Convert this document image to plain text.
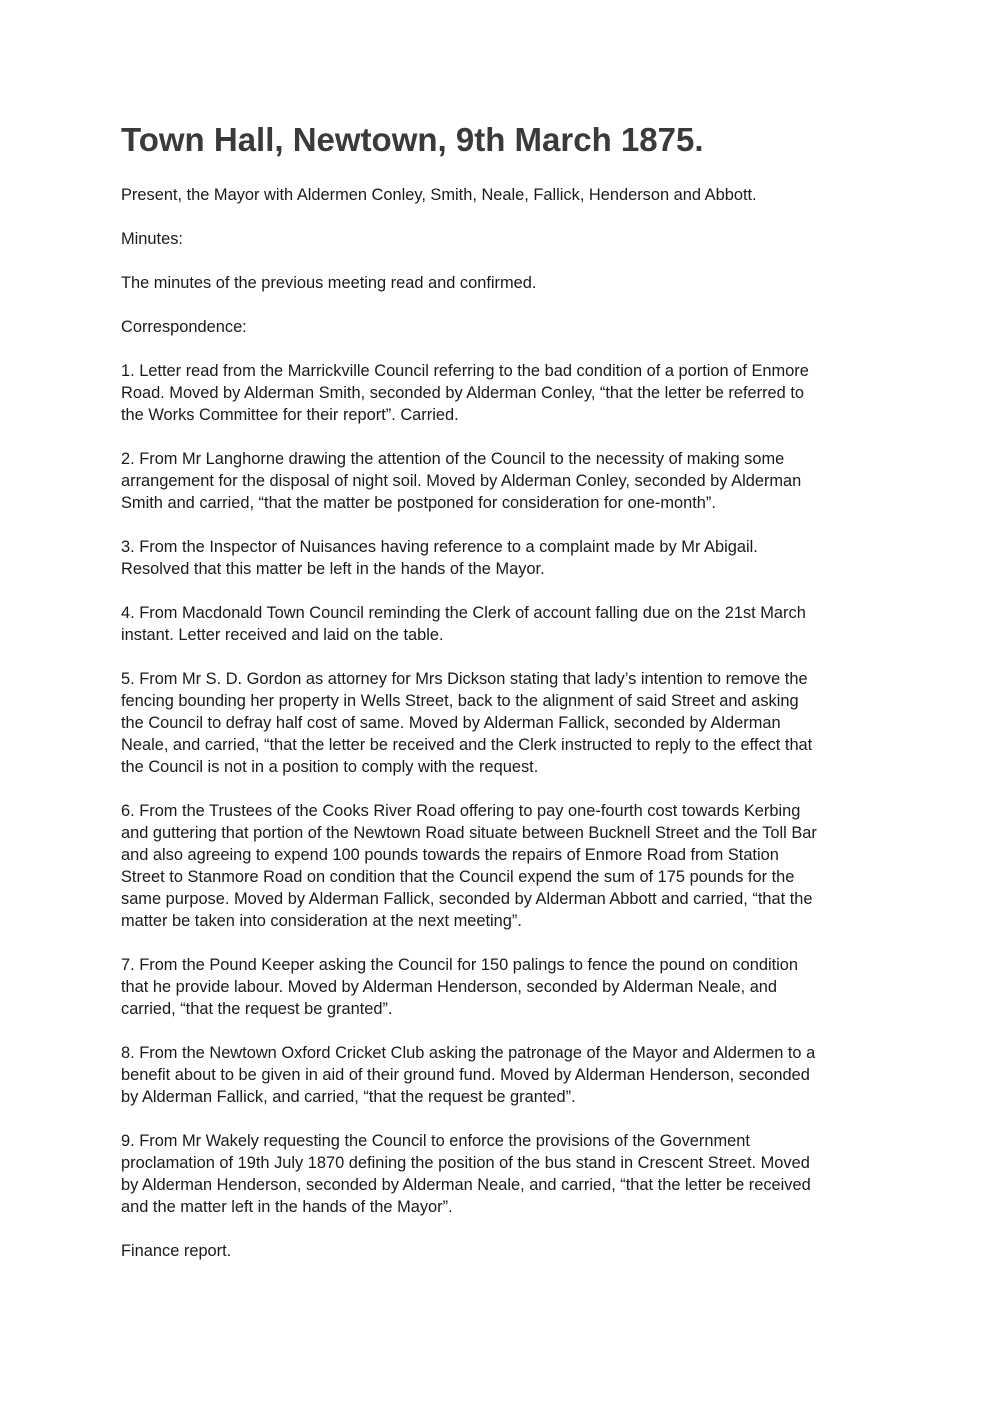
Town Hall, Newtown, 9th March 1875.

Present, the Mayor with Aldermen Conley, Smith, Neale, Fallick, Henderson and Abbott.

Minutes:

The minutes of the previous meeting read and confirmed.

Correspondence:

1. Letter read from the Marrickville Council referring to the bad condition of a portion of Enmore
Road. Moved by Alderman Smith, seconded by Alderman Conley, “that the letter be referred to
the Works Committee for their report”. Carried.

2. From Mr Langhorne drawing the attention of the Council to the necessity of making some
arrangement for the disposal of night soil. Moved by Alderman Conley, seconded by Alderman
Smith and carried, “that the matter be postponed for consideration for one-month”.

3. From the Inspector of Nuisances having reference to a complaint made by Mr Abigail.
Resolved that this matter be left in the hands of the Mayor.

4. From Macdonald Town Council reminding the Clerk of account falling due on the 21st March
instant. Letter received and laid on the table.

5. From Mr S. D. Gordon as attorney for Mrs Dickson stating that lady’s intention to remove the
fencing bounding her property in Wells Street, back to the alignment of said Street and asking
the Council to defray half cost of same. Moved by Alderman Fallick, seconded by Alderman
Neale, and carried, “that the letter be received and the Clerk instructed to reply to the effect that
the Council is not in a position to comply with the request.

6. From the Trustees of the Cooks River Road offering to pay one-fourth cost towards Kerbing
and guttering that portion of the Newtown Road situate between Bucknell Street and the Toll Bar
and also agreeing to expend 100 pounds towards the repairs of Enmore Road from Station
Street to Stanmore Road on condition that the Council expend the sum of 175 pounds for the
same purpose. Moved by Alderman Fallick, seconded by Alderman Abbott and carried, “that the
matter be taken into consideration at the next meeting”.

7. From the Pound Keeper asking the Council for 150 palings to fence the pound on condition
that he provide labour. Moved by Alderman Henderson, seconded by Alderman Neale, and
carried, “that the request be granted”.

8. From the Newtown Oxford Cricket Club asking the patronage of the Mayor and Aldermen to a
benefit about to be given in aid of their ground fund. Moved by Alderman Henderson, seconded
by Alderman Fallick, and carried, “that the request be granted”.

9. From Mr Wakely requesting the Council to enforce the provisions of the Government
proclamation of 19th July 1870 defining the position of the bus stand in Crescent Street. Moved
by Alderman Henderson, seconded by Alderman Neale, and carried, “that the letter be received
and the matter left in the hands of the Mayor”.

Finance report.
